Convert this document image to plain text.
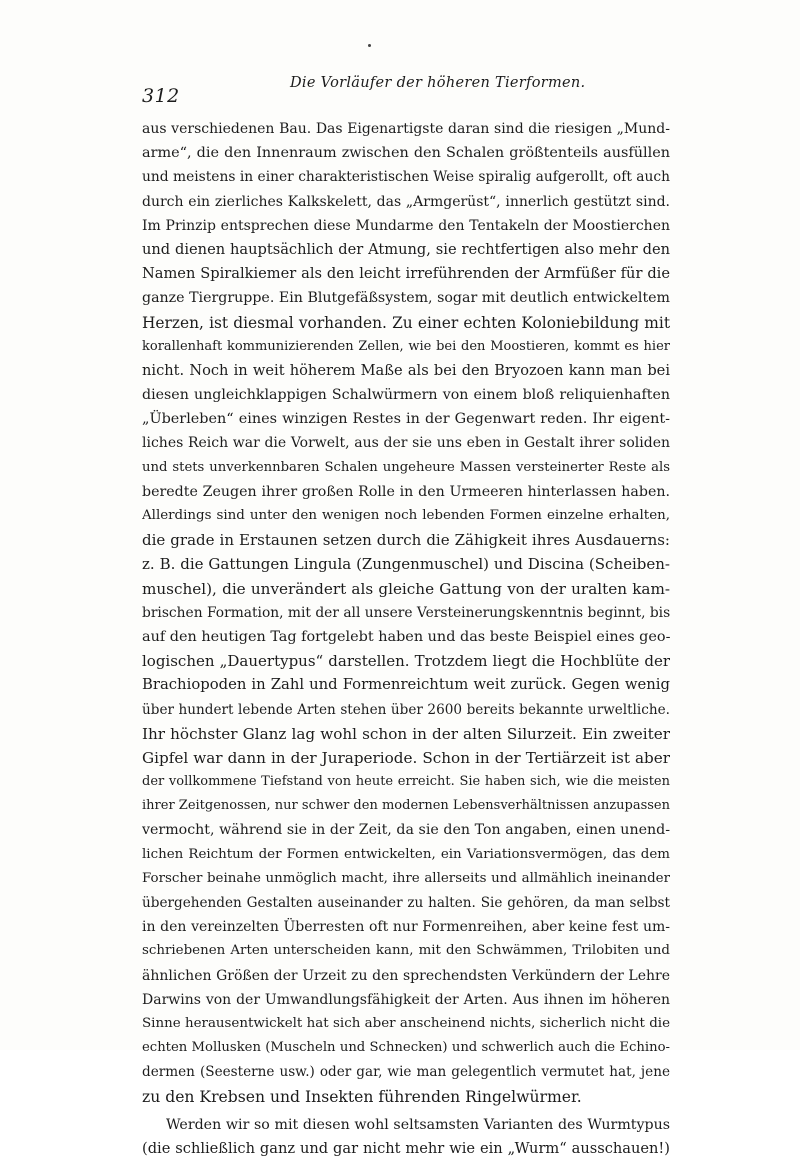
312
Die Vorläufer der höheren Tierformen.
aus verschiedenen Bau. Das Eigenartigste daran sind die riesigen „Mund-
arme“, die den Innenraum zwischen den Schalen größtenteils ausfüllen
und meistens in einer charakteristischen Weise spiralig aufgerollt, oft auch
durch ein zierliches Kalkskelett, das „Armgerüst“, innerlich gestützt sind.
Im Prinzip entsprechen diese Mundarme den Tentakeln der Moostierchen
und dienen hauptsächlich der Atmung, sie rechtfertigen also mehr den
Namen Spiralkiemer als den leicht irreführenden der Armfüßer für die
ganze Tiergruppe. Ein Blutgefäßsystem, sogar mit deutlich entwickeltem
Herzen, ist diesmal vorhanden. Zu einer echten Koloniebildung mit
korallenhaft kommunizierenden Zellen, wie bei den Moostieren, kommt es hier
nicht. Noch in weit höherem Maße als bei den Bryozoen kann man bei
diesen ungleichklappigen Schalwürmern von einem bloß reliquienhaften
„Überleben“ eines winzigen Restes in der Gegenwart reden. Ihr eigent-
liches Reich war die Vorwelt, aus der sie uns eben in Gestalt ihrer soliden
und stets unverkennbaren Schalen ungeheure Massen versteinerter Reste als
beredte Zeugen ihrer großen Rolle in den Urmeeren hinterlassen haben.
Allerdings sind unter den wenigen noch lebenden Formen einzelne erhalten,
die grade in Erstaunen setzen durch die Zähigkeit ihres Ausdauerns:
z. B. die Gattungen Lingula (Zungenmuschel) und Discina (Scheiben-
muschel), die unverändert als gleiche Gattung von der uralten kam-
brischen Formation, mit der all unsere Versteinerungskenntnis beginnt, bis
auf den heutigen Tag fortgelebt haben und das beste Beispiel eines geo-
logischen „Dauertypus“ darstellen. Trotzdem liegt die Hochblüte der
Brachiopoden in Zahl und Formenreichtum weit zurück. Gegen wenig
über hundert lebende Arten stehen über 2600 bereits bekannte urweltliche.
Ihr höchster Glanz lag wohl schon in der alten Silurzeit. Ein zweiter
Gipfel war dann in der Juraperiode. Schon in der Tertiärzeit ist aber
der vollkommene Tiefstand von heute erreicht. Sie haben sich, wie die meisten
ihrer Zeitgenossen, nur schwer den modernen Lebensverhältnissen anzupassen
vermocht, während sie in der Zeit, da sie den Ton angaben, einen unend-
lichen Reichtum der Formen entwickelten, ein Variationsvermögen, das dem
Forscher beinahe unmöglich macht, ihre allerseits und allmählich ineinander
übergehenden Gestalten auseinander zu halten. Sie gehören, da man selbst
in den vereinzelten Überresten oft nur Formenreihen, aber keine fest um-
schriebenen Arten unterscheiden kann, mit den Schwämmen, Trilobiten und
ähnlichen Größen der Urzeit zu den sprechendsten Verkündern der Lehre
Darwins von der Umwandlungsfähigkeit der Arten. Aus ihnen im höheren
Sinne herausentwickelt hat sich aber anscheinend nichts, sicherlich nicht die
echten Mollusken (Muscheln und Schnecken) und schwerlich auch die Echino-
dermen (Seesterne usw.) oder gar, wie man gelegentlich vermutet hat, jene
zu den Krebsen und Insekten führenden Ringelwürmer.
Werden wir so mit diesen wohl seltsamsten Varianten des Wurmtypus
(die schließlich ganz und gar nicht mehr wie ein „Wurm“ ausschauen!)
